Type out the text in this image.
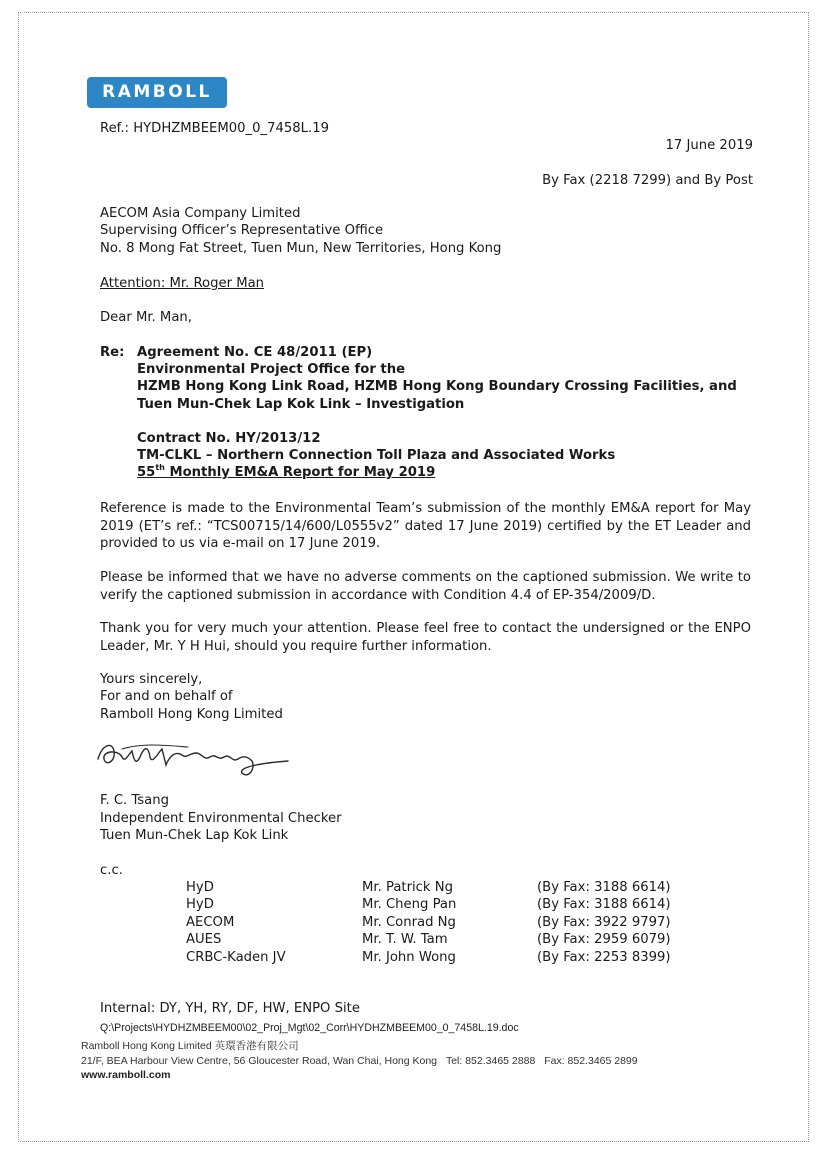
RAMBOLL
Ref.: HYDHZMBEEM00_0_7458L.19
17 June 2019
By Fax (2218 7299) and By Post
AECOM Asia Company Limited
Supervising Officer’s Representative Office
No. 8 Mong Fat Street, Tuen Mun, New Territories, Hong Kong
Attention: Mr. Roger Man
Dear Mr. Man,
Re: Agreement No. CE 48/2011 (EP)
Environmental Project Office for the
HZMB Hong Kong Link Road, HZMB Hong Kong Boundary Crossing Facilities, and
Tuen Mun-Chek Lap Kok Link – Investigation
Contract No. HY/2013/12
TM-CLKL – Northern Connection Toll Plaza and Associated Works
55th Monthly EM&A Report for May 2019
Reference is made to the Environmental Team’s submission of the monthly EM&A report for May 2019 (ET’s ref.: “TCS00715/14/600/L0555v2” dated 17 June 2019) certified by the ET Leader and provided to us via e-mail on 17 June 2019.
Please be informed that we have no adverse comments on the captioned submission. We write to verify the captioned submission in accordance with Condition 4.4 of EP-354/2009/D.
Thank you for very much your attention. Please feel free to contact the undersigned or the ENPO Leader, Mr. Y H Hui, should you require further information.
Yours sincerely,
For and on behalf of
Ramboll Hong Kong Limited
F. C. Tsang
Independent Environmental Checker
Tuen Mun-Chek Lap Kok Link
c.c.
HyD	Mr. Patrick Ng	(By Fax: 3188 6614)
HyD	Mr. Cheng Pan	(By Fax: 3188 6614)
AECOM	Mr. Conrad Ng	(By Fax: 3922 9797)
AUES	Mr. T. W. Tam	(By Fax: 2959 6079)
CRBC-Kaden JV	Mr. John Wong	(By Fax: 2253 8399)
Internal: DY, YH, RY, DF, HW, ENPO Site
Q:\Projects\HYDHZMBEEM00\02_Proj_Mgt\02_Corr\HYDHZMBEEM00_0_7458L.19.doc
Ramboll Hong Kong Limited 英環香港有限公司
21/F, BEA Harbour View Centre, 56 Gloucester Road, Wan Chai, Hong Kong Tel: 852.3465 2888 Fax: 852.3465 2899
www.ramboll.com
